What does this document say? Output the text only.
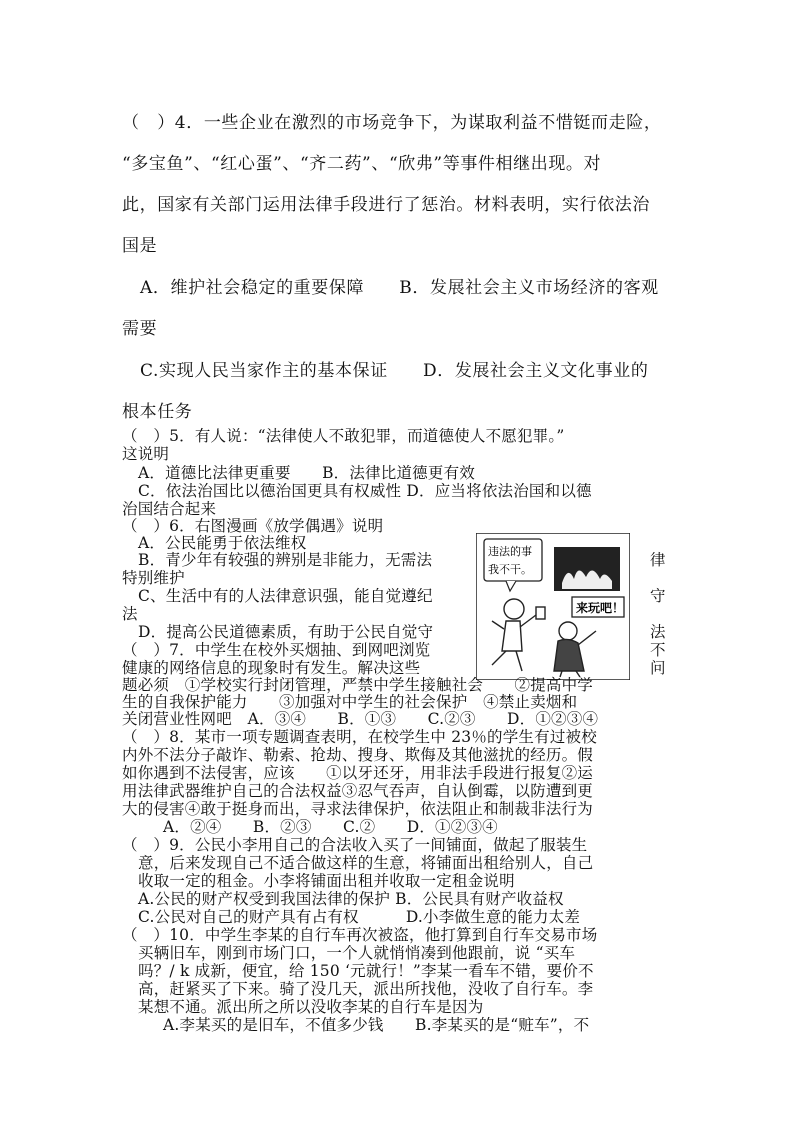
（　）4．一些企业在激烈的市场竞争下，为谋取利益不惜铤而走险，
“多宝鱼”、“红心蛋”、“齐二药”、“欣弗”等事件相继出现。对
此，国家有关部门运用法律手段进行了惩治。材料表明，实行依法治
国是
A．维护社会稳定的重要保障　　B．发展社会主义市场经济的客观
需要
C.实现人民当家作主的基本保证　　D．发展社会主义文化事业的
根本任务
（　）5．有人说：“法律使人不敢犯罪，而道德使人不愿犯罪。”
这说明
A．道德比法律更重要　　B．法律比道德更有效
C．依法治国比以德治国更具有权威性 D．应当将依法治国和以德
治国结合起来
（　）6．右图漫画《放学偶遇》说明
A．公民能勇于依法维权
B．青少年有较强的辨别是非能力，无需法	律
特别维护
C、生活中有的人法律意识强，能自觉遵纪	守
法
D．提高公民道德素质，有助于公民自觉守	法
违法的事
我不干。
来玩吧！
（　）7．中学生在校外买烟抽、到网吧浏览	不
健康的网络信息的现象时有发生。解决这些	问
题必须　①学校实行封闭管理，严禁中学生接触社会　　②提高中学
生的自我保护能力　　③加强对中学生的社会保护　④禁止卖烟和
关闭营业性网吧　A．③④　　B．①③　　C.②③　　D．①②③④
（　）8．某市一项专题调查表明，在校学生中 23％的学生有过被校
内外不法分子敲诈、勒索、抢劫、搜身、欺侮及其他滋扰的经历。假
如你遇到不法侵害，应该　　①以牙还牙，用非法手段进行报复②运
用法律武器维护自己的合法权益③忍气吞声，自认倒霉，以防遭到更
大的侵害④敢于挺身而出，寻求法律保护，依法阻止和制裁非法行为
A．②④　　B．②③　　C.②　　D．①②③④
（　）9．公民小李用自己的合法收入买了一间铺面，做起了服装生
意，后来发现自己不适合做这样的生意，将铺面出租给别人，自己
收取一定的租金。小李将铺面出租并收取一定租金说明
A.公民的财产权受到我国法律的保护 B．公民具有财产收益权
C.公民对自己的财产具有占有权　　　D.小李做生意的能力太差
（　）10．中学生李某的自行车再次被盗，他打算到自行车交易市场
买辆旧车，刚到市场门口，一个人就悄悄凑到他跟前，说 “买车
吗？/ k 成新，便宜，给 150 ‘元就行！”李某一看车不错，要价不
高，赶紧买了下来。骑了没几天，派出所找他，没收了自行车。李
某想不通。派出所之所以没收李某的自行车是因为
A.李某买的是旧车，不值多少钱　　B.李某买的是“赃车”，不
